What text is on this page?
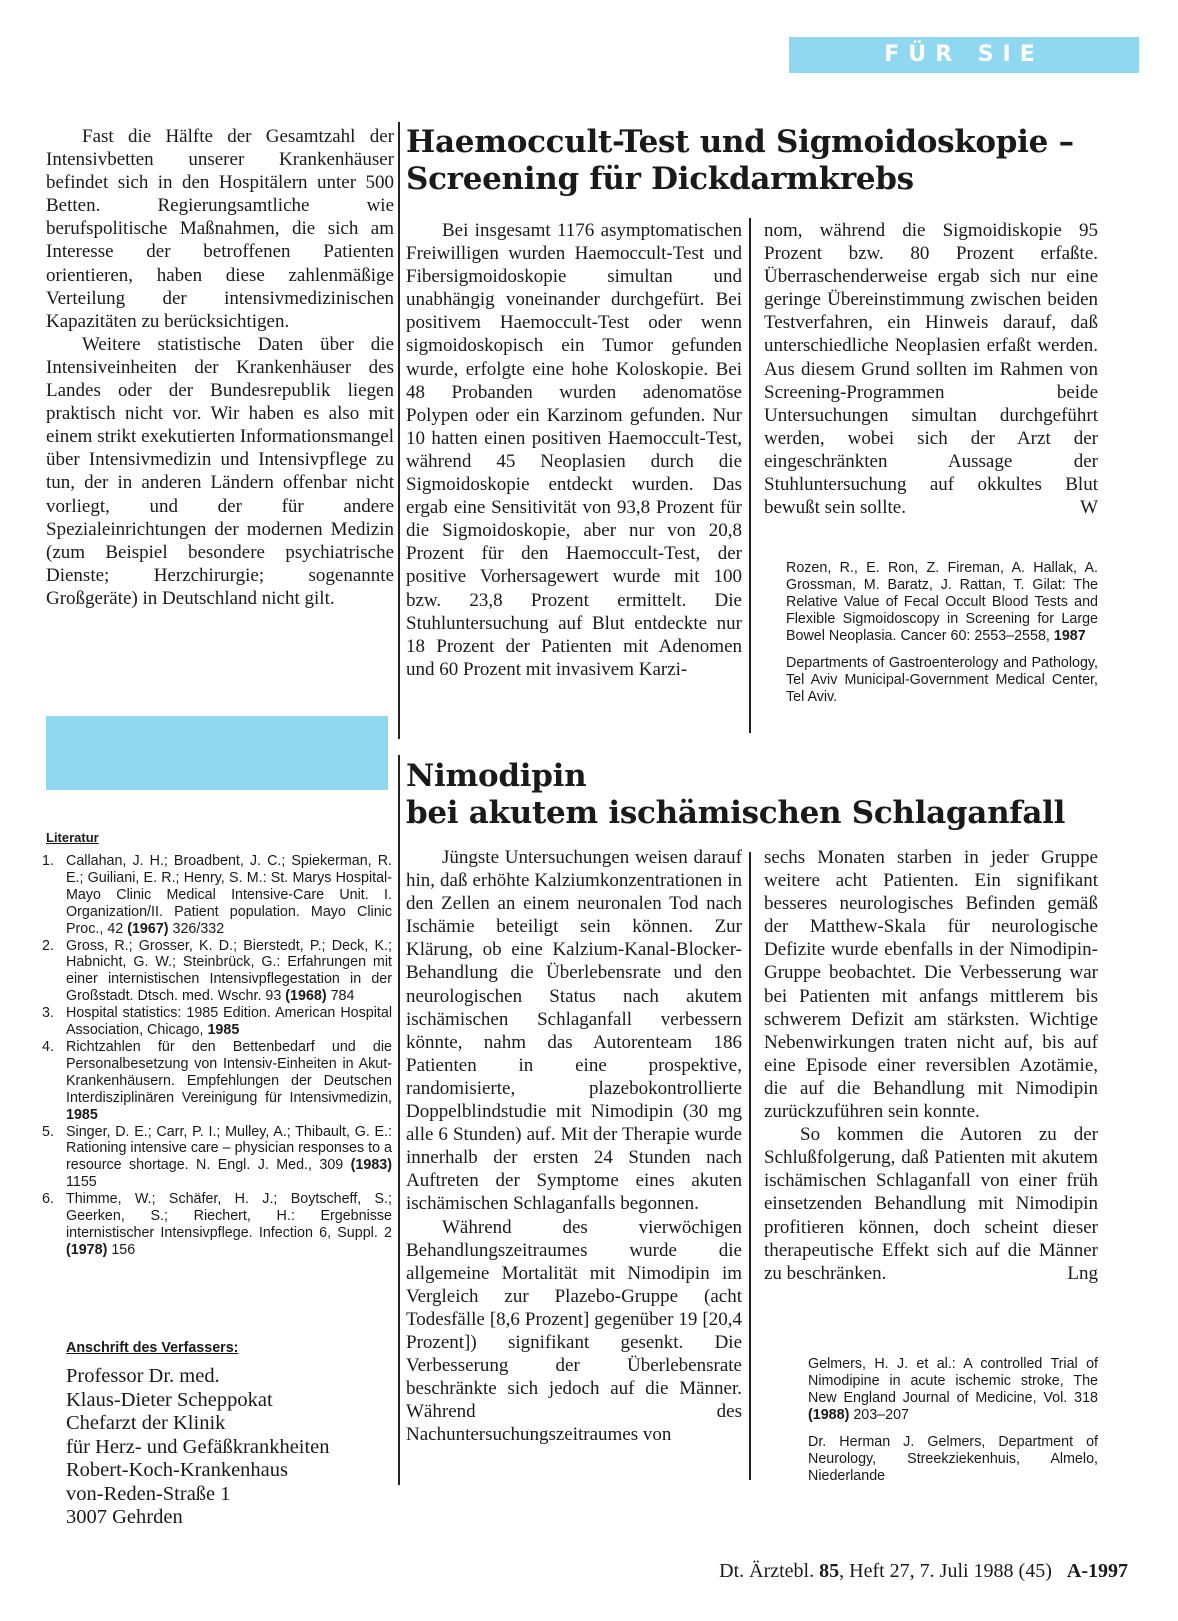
FÜR SIE REFERIERT

Fast die Hälfte der Gesamtzahl der Intensivbetten unserer Krankenhäuser befindet sich in den Hospitälern unter 500 Betten. Regierungsamtliche wie berufspolitische Maßnahmen, die sich am Interesse der betroffenen Patienten orientieren, haben diese zahlenmäßige Verteilung der intensivmedizinischen Kapazitäten zu berücksichtigen.

Weitere statistische Daten über die Intensiveinheiten der Krankenhäuser des Landes oder der Bundesrepublik liegen praktisch nicht vor. Wir haben es also mit einem strikt exekutierten Informationsmangel über Intensivmedizin und Intensivpflege zu tun, der in anderen Ländern offenbar nicht vorliegt, und der für andere Spezialeinrichtungen der modernen Medizin (zum Beispiel besondere psychiatrische Dienste; Herzchirurgie; sogenannte Großgeräte) in Deutschland nicht gilt.

Literatur
1. Callahan, J. H.; Broadbent, J. C.; Spiekerman, R. E.; Guiliani, E. R.; Henry, S. M.: St. Marys Hospital-Mayo Clinic Medical Intensive-Care Unit. I. Organization/II. Patient population. Mayo Clinic Proc., 42 (1967) 326/332
2. Gross, R.; Grosser, K. D.; Bierstedt, P.; Deck, K.; Habnicht, G. W.; Steinbrück, G.: Erfahrungen mit einer internistischen Intensivpflegestation in der Großstadt. Dtsch. med. Wschr. 93 (1968) 784
3. Hospital statistics: 1985 Edition. American Hospital Association, Chicago, 1985
4. Richtzahlen für den Bettenbedarf und die Personalbesetzung von Intensiv-Einheiten in Akut-Krankenhäusern. Empfehlungen der Deutschen Interdisziplinären Vereinigung für Intensivmedizin, 1985
5. Singer, D. E.; Carr, P. I.; Mulley, A.; Thibault, G. E.: Rationing intensive care – physician responses to a resource shortage. N. Engl. J. Med., 309 (1983) 1155
6. Thimme, W.; Schäfer, H. J.; Boytscheff, S.; Geerken, S.; Riechert, H.: Ergebnisse internistischer Intensivpflege. Infection 6, Suppl. 2 (1978) 156
Anschrift des Verfassers:
Professor Dr. med.
Klaus-Dieter Scheppokat
Chefarzt der Klinik
für Herz- und Gefäßkrankheiten
Robert-Koch-Krankenhaus
von-Reden-Straße 1
3007 Gehrden
Haemoccult-Test und Sigmoidoskopie –
Screening für Dickdarmkrebs

Bei insgesamt 1176 asymptomatischen Freiwilligen wurden Haemoccult-Test und Fibersigmoidoskopie simultan und unabhängig voneinander durchgefürt. Bei positivem Haemoccult-Test oder wenn sigmoidoskopisch ein Tumor gefunden wurde, erfolgte eine hohe Koloskopie. Bei 48 Probanden wurden adenomatöse Polypen oder ein Karzinom gefunden. Nur 10 hatten einen positiven Haemoccult-Test, während 45 Neoplasien durch die Sigmoidoskopie entdeckt wurden. Das ergab eine Sensitivität von 93,8 Prozent für die Sigmoidoskopie, aber nur von 20,8 Prozent für den Haemoccult-Test, der positive Vorhersagewert wurde mit 100 bzw. 23,8 Prozent ermittelt. Die Stuhluntersuchung auf Blut entdeckte nur 18 Prozent der Patienten mit Adenomen und 60 Prozent mit invasivem Karzi-

nom, während die Sigmoidiskopie 95 Prozent bzw. 80 Prozent erfaßte. Überraschenderweise ergab sich nur eine geringe Übereinstimmung zwischen beiden Testverfahren, ein Hinweis darauf, daß unterschiedliche Neoplasien erfaßt werden. Aus diesem Grund sollten im Rahmen von Screening-Programmen beide Untersuchungen simultan durchgeführt werden, wobei sich der Arzt der eingeschränkten Aussage der Stuhluntersuchung auf okkultes Blut bewußt sein sollte.	W

Rozen, R., E. Ron, Z. Fireman, A. Hallak, A. Grossman, M. Baratz, J. Rattan, T. Gilat: The Relative Value of Fecal Occult Blood Tests and Flexible Sigmoidoscopy in Screening for Large Bowel Neoplasia. Cancer 60: 2553–2558, 1987

Departments of Gastroenterology and Pathology, Tel Aviv Municipal-Government Medical Center, Tel Aviv.

Nimodipin
bei akutem ischämischen Schlaganfall

Jüngste Untersuchungen weisen darauf hin, daß erhöhte Kalziumkonzentrationen in den Zellen an einem neuronalen Tod nach Ischämie beteiligt sein können. Zur Klärung, ob eine Kalzium-Kanal-Blocker-Behandlung die Überlebensrate und den neurologischen Status nach akutem ischämischen Schlaganfall verbessern könnte, nahm das Autorenteam 186 Patienten in eine prospektive, randomisierte, plazebokontrollierte Doppelblindstudie mit Nimodipin (30 mg alle 6 Stunden) auf. Mit der Therapie wurde innerhalb der ersten 24 Stunden nach Auftreten der Symptome eines akuten ischämischen Schlaganfalls begonnen.

Während des vierwöchigen Behandlungszeitraumes wurde die allgemeine Mortalität mit Nimodipin im Vergleich zur Plazebo-Gruppe (acht Todesfälle [8,6 Prozent] gegenüber 19 [20,4 Prozent]) signifikant gesenkt. Die Verbesserung der Überlebensrate beschränkte sich jedoch auf die Männer. Während des Nachuntersuchungszeitraumes von

sechs Monaten starben in jeder Gruppe weitere acht Patienten. Ein signifikant besseres neurologisches Befinden gemäß der Matthew-Skala für neurologische Defizite wurde ebenfalls in der Nimodipin-Gruppe beobachtet. Die Verbesserung war bei Patienten mit anfangs mittlerem bis schwerem Defizit am stärksten. Wichtige Nebenwirkungen traten nicht auf, bis auf eine Episode einer reversiblen Azotämie, die auf die Behandlung mit Nimodipin zurückzuführen sein konnte.

So kommen die Autoren zu der Schlußfolgerung, daß Patienten mit akutem ischämischen Schlaganfall von einer früh einsetzenden Behandlung mit Nimodipin profitieren können, doch scheint dieser therapeutische Effekt sich auf die Männer zu beschränken.	Lng

Gelmers, H. J. et al.: A controlled Trial of Nimodipine in acute ischemic stroke, The New England Journal of Medicine, Vol. 318 (1988) 203–207

Dr. Herman J. Gelmers, Department of Neurology, Streekziekenhuis, Almelo, Niederlande

Dt. Ärztebl. 85, Heft 27, 7. Juli 1988 (45) A-1997
